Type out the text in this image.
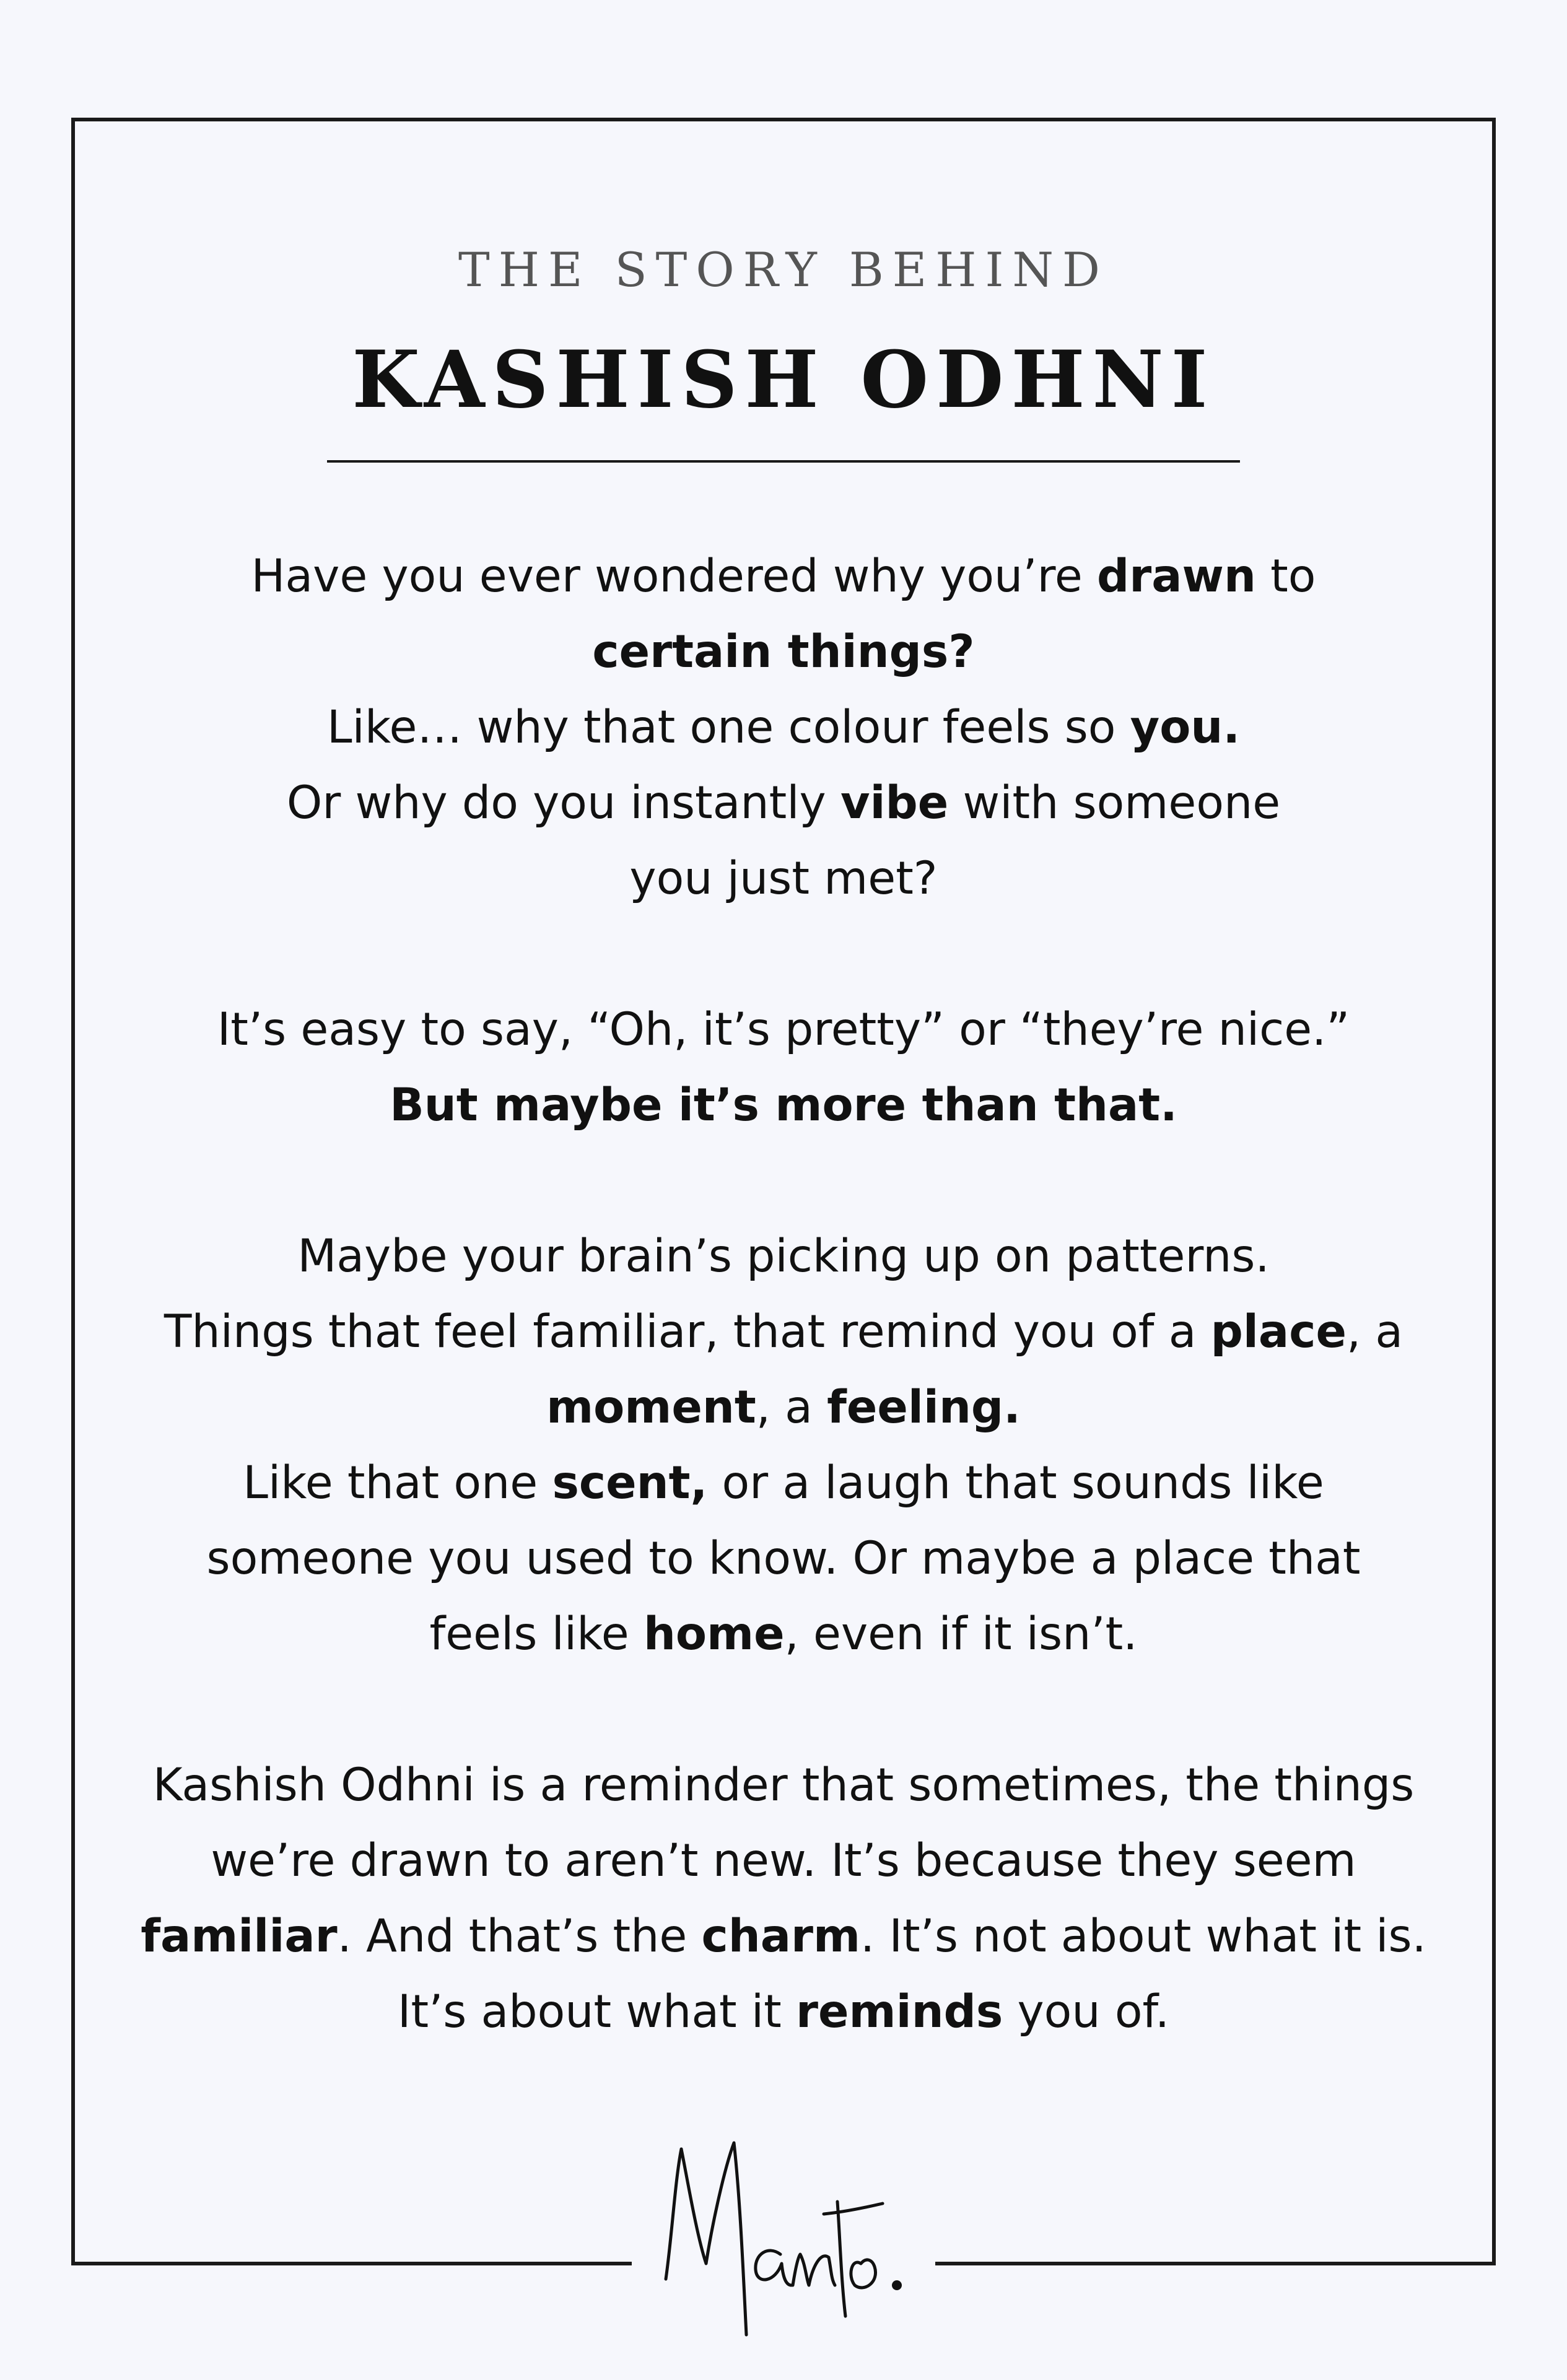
THE STORY BEHIND
KASHISH ODHNI
Have you ever wondered why you’re drawn to
certain things?
Like… why that one colour feels so you.
Or why do you instantly vibe with someone
you just met?
It’s easy to say, “Oh, it’s pretty” or “they’re nice.”
But maybe it’s more than that.
Maybe your brain’s picking up on patterns.
Things that feel familiar, that remind you of a place, a
moment, a feeling.
Like that one scent, or a laugh that sounds like
someone you used to know. Or maybe a place that
feels like home, even if it isn’t.
Kashish Odhni is a reminder that sometimes, the things
we’re drawn to aren’t new. It’s because they seem
familiar. And that’s the charm. It’s not about what it is.
It’s about what it reminds you of.
